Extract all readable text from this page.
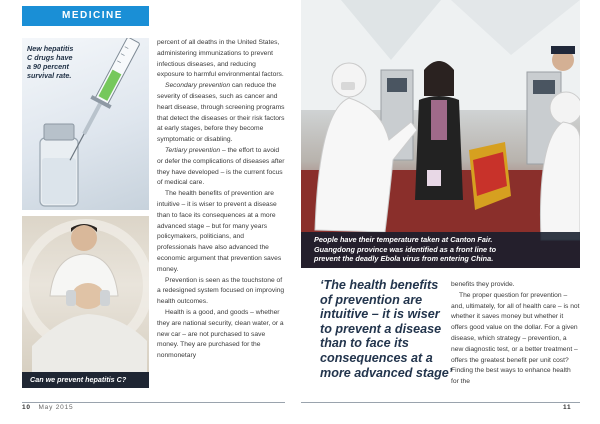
MEDICINE
New hepatitis
C drugs have
a 90 percent
survival rate.
Can we prevent hepatitis C?

percent of all deaths in the United States, administering immunizations to prevent infectious diseases, and reducing exposure to harmful environmental factors.

Secondary prevention can reduce the severity of diseases, such as cancer and heart disease, through screening programs that detect the diseases or their risk factors at early stages, before they become symptomatic or disabling.

Tertiary prevention – the effort to avoid or defer the complications of diseases after they have developed – is the current focus of medical care.

The health benefits of prevention are intuitive – it is wiser to prevent a disease than to face its consequences at a more advanced stage – but for many years policymakers, politicians, and professionals have also advanced the economic argument that prevention saves money.

Prevention is seen as the touchstone of a redesigned system focused on improving health outcomes.

Health is a good, and goods – whether they are national security, clean water, or a new car – are not purchased to save money. They are purchased for the nonmonetary

People have their temperature taken at Canton Fair.
Guangdong province was identified as a front line to
prevent the deadly Ebola virus from entering China.
‘The health benefits
of prevention are
intuitive – it is wiser
to prevent a disease
than to face its
consequences at a
more advanced stage’

benefits they provide.

The proper question for prevention – and, ultimately, for all of health care – is not whether it saves money but whether it offers good value on the dollar. For a given disease, which strategy – prevention, a new diagnostic test, or a better treatment – offers the greatest benefit per unit cost? Finding the best ways to enhance health for the

10 May 2015	11
